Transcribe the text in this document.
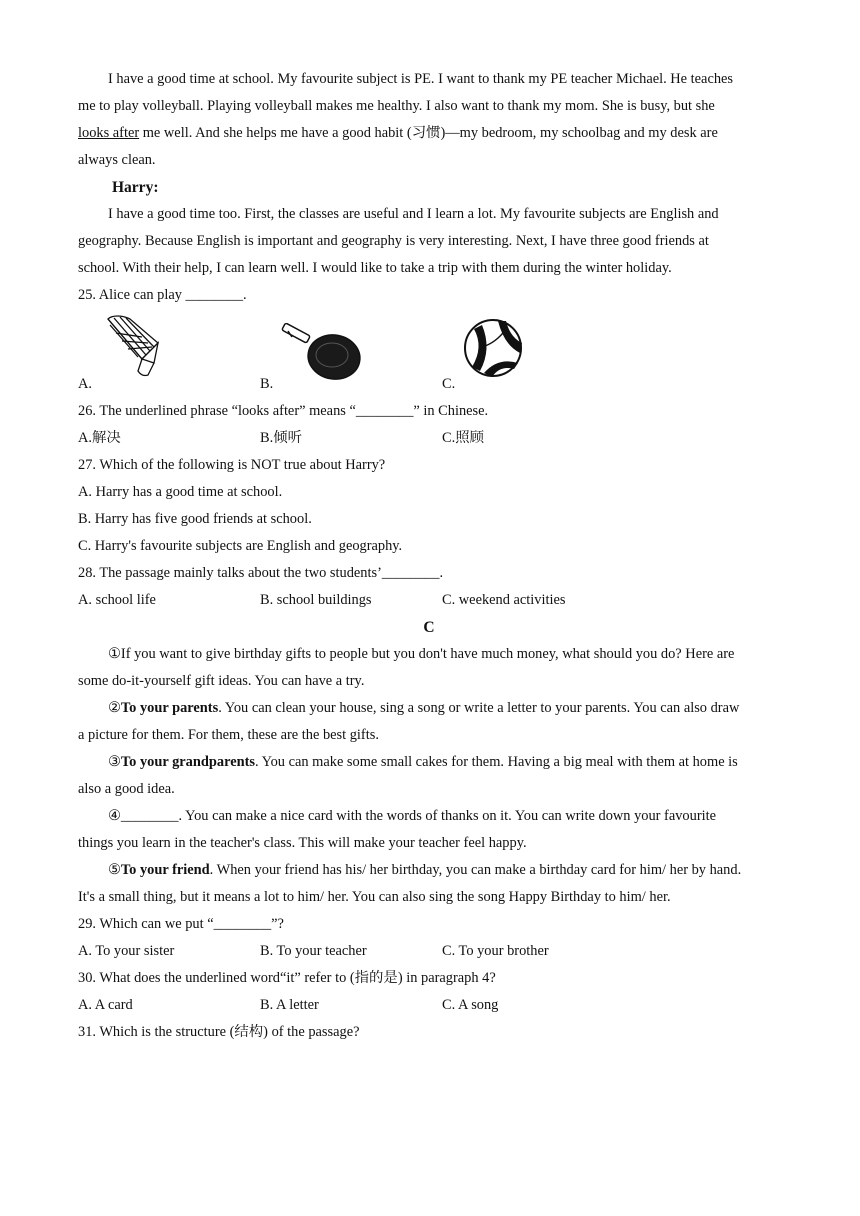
I have a good time at school. My favourite subject is PE. I want to thank my PE teacher Michael. He teaches
me to play volleyball. Playing volleyball makes me healthy. I also want to thank my mom. She is busy, but she
looks after me well. And she helps me have a good habit (习惯)—my bedroom, my schoolbag and my desk are
always clean.
Harry:
I have a good time too. First, the classes are useful and I learn a lot. My favourite subjects are English and
geography. Because English is important and geography is very interesting. Next, I have three good friends at
school. With their help, I can learn well. I would like to take a trip with them during the winter holiday.
25. Alice can play ________.
A.	B.	C.
26. The underlined phrase “looks after” means “________” in Chinese.
A.解决	B.倾听	C.照顾
27. Which of the following is NOT true about Harry?
A. Harry has a good time at school.
B. Harry has five good friends at school.
C. Harry's favourite subjects are English and geography.
28. The passage mainly talks about the two students’________.
A. school life	B. school buildings	C. weekend activities
C
①If you want to give birthday gifts to people but you don't have much money, what should you do? Here are
some do-it-yourself gift ideas. You can have a try.
②To your parents. You can clean your house, sing a song or write a letter to your parents. You can also draw
a picture for them. For them, these are the best gifts.
③To your grandparents. You can make some small cakes for them. Having a big meal with them at home is
also a good idea.
④________. You can make a nice card with the words of thanks on it. You can write down your favourite
things you learn in the teacher's class. This will make your teacher feel happy.
⑤To your friend. When your friend has his/ her birthday, you can make a birthday card for him/ her by hand.
It's a small thing, but it means a lot to him/ her. You can also sing the song Happy Birthday to him/ her.
29. Which can we put “________”?
A. To your sister	B. To your teacher	C. To your brother
30. What does the underlined word“it” refer to (指的是) in paragraph 4?
A. A card	B. A letter	C. A song
31. Which is the structure (结构) of the passage?
